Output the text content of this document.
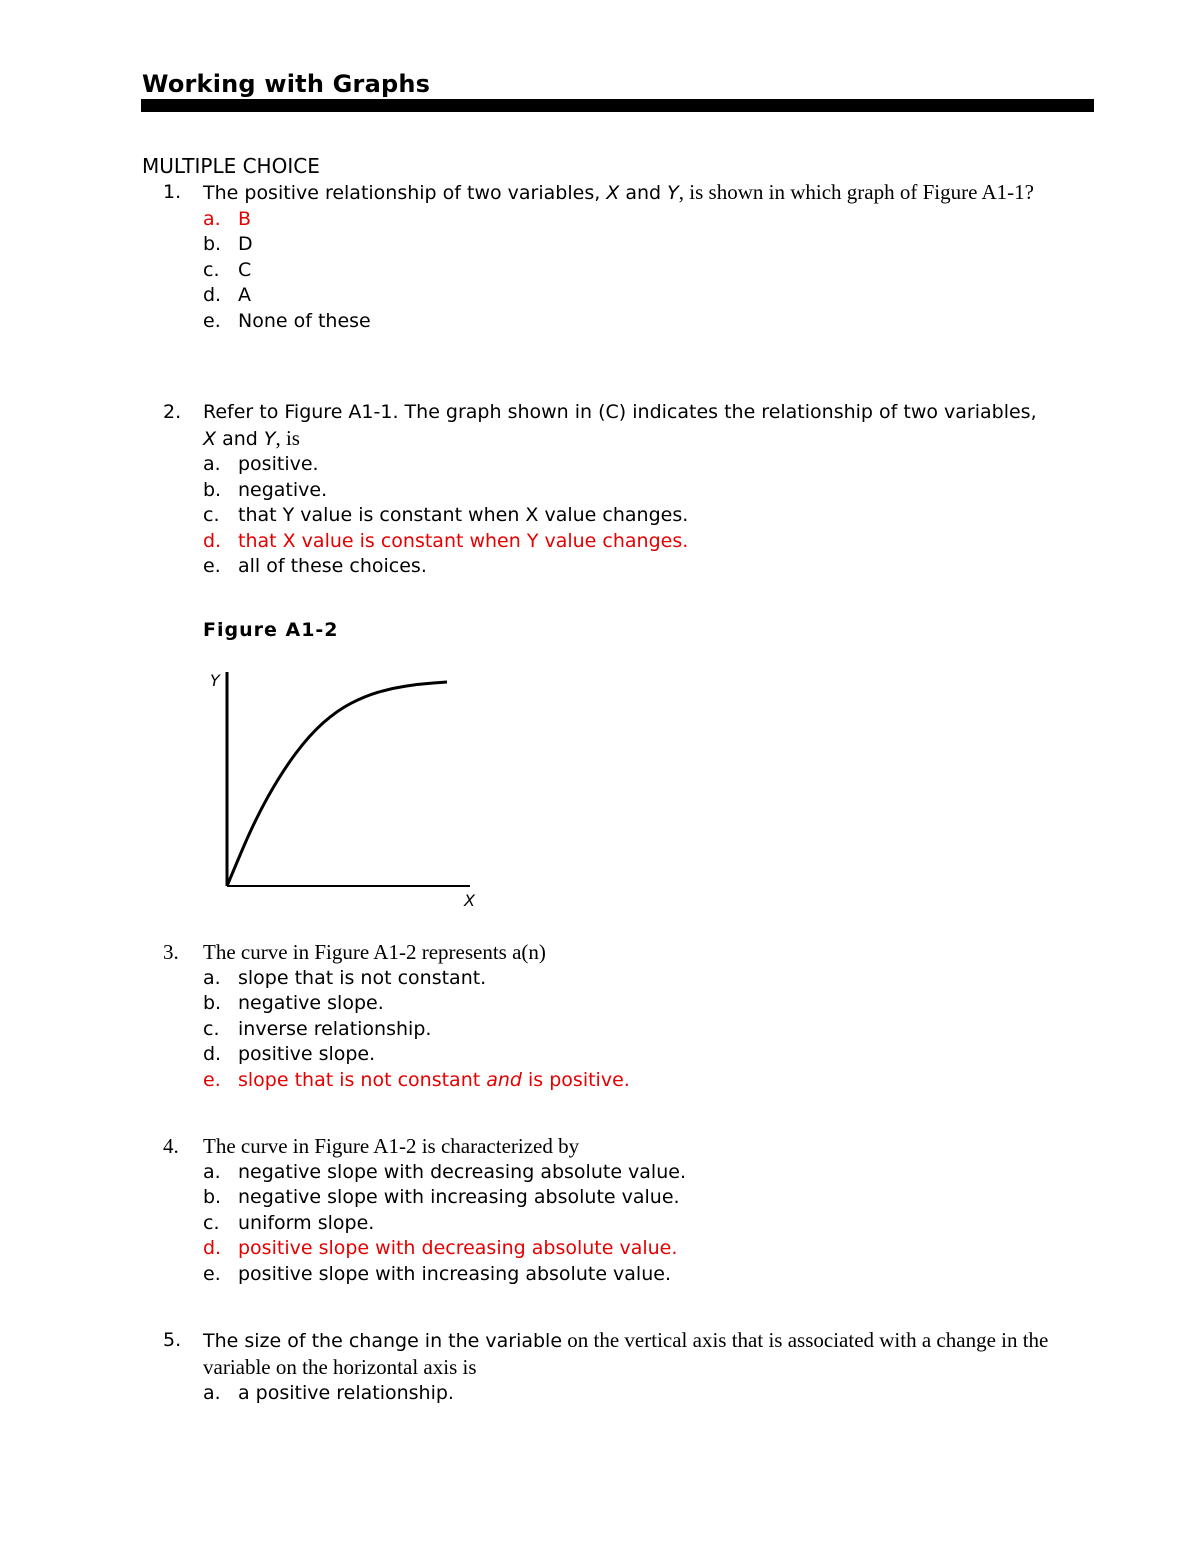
Working with Graphs
MULTIPLE CHOICE
1.	The positive relationship of two variables, X and Y, is shown in which graph of Figure A1-1?
a. B
b. D
c. C
d. A
e. None of these
2.	Refer to Figure A1-1. The graph shown in (C) indicates the relationship of two variables, X and Y, is
a. positive.
b. negative.
c. that Y value is constant when X value changes.
d. that X value is constant when Y value changes.
e. all of these choices.
Figure A1-2
Y
X
3.	The curve in Figure A1-2 represents a(n)
a. slope that is not constant.
b. negative slope.
c. inverse relationship.
d. positive slope.
e. slope that is not constant and is positive.
4.	The curve in Figure A1-2 is characterized by
a. negative slope with decreasing absolute value.
b. negative slope with increasing absolute value.
c. uniform slope.
d. positive slope with decreasing absolute value.
e. positive slope with increasing absolute value.
5.	The size of the change in the variable on the vertical axis that is associated with a change in the variable on the horizontal axis is
a. a positive relationship.
